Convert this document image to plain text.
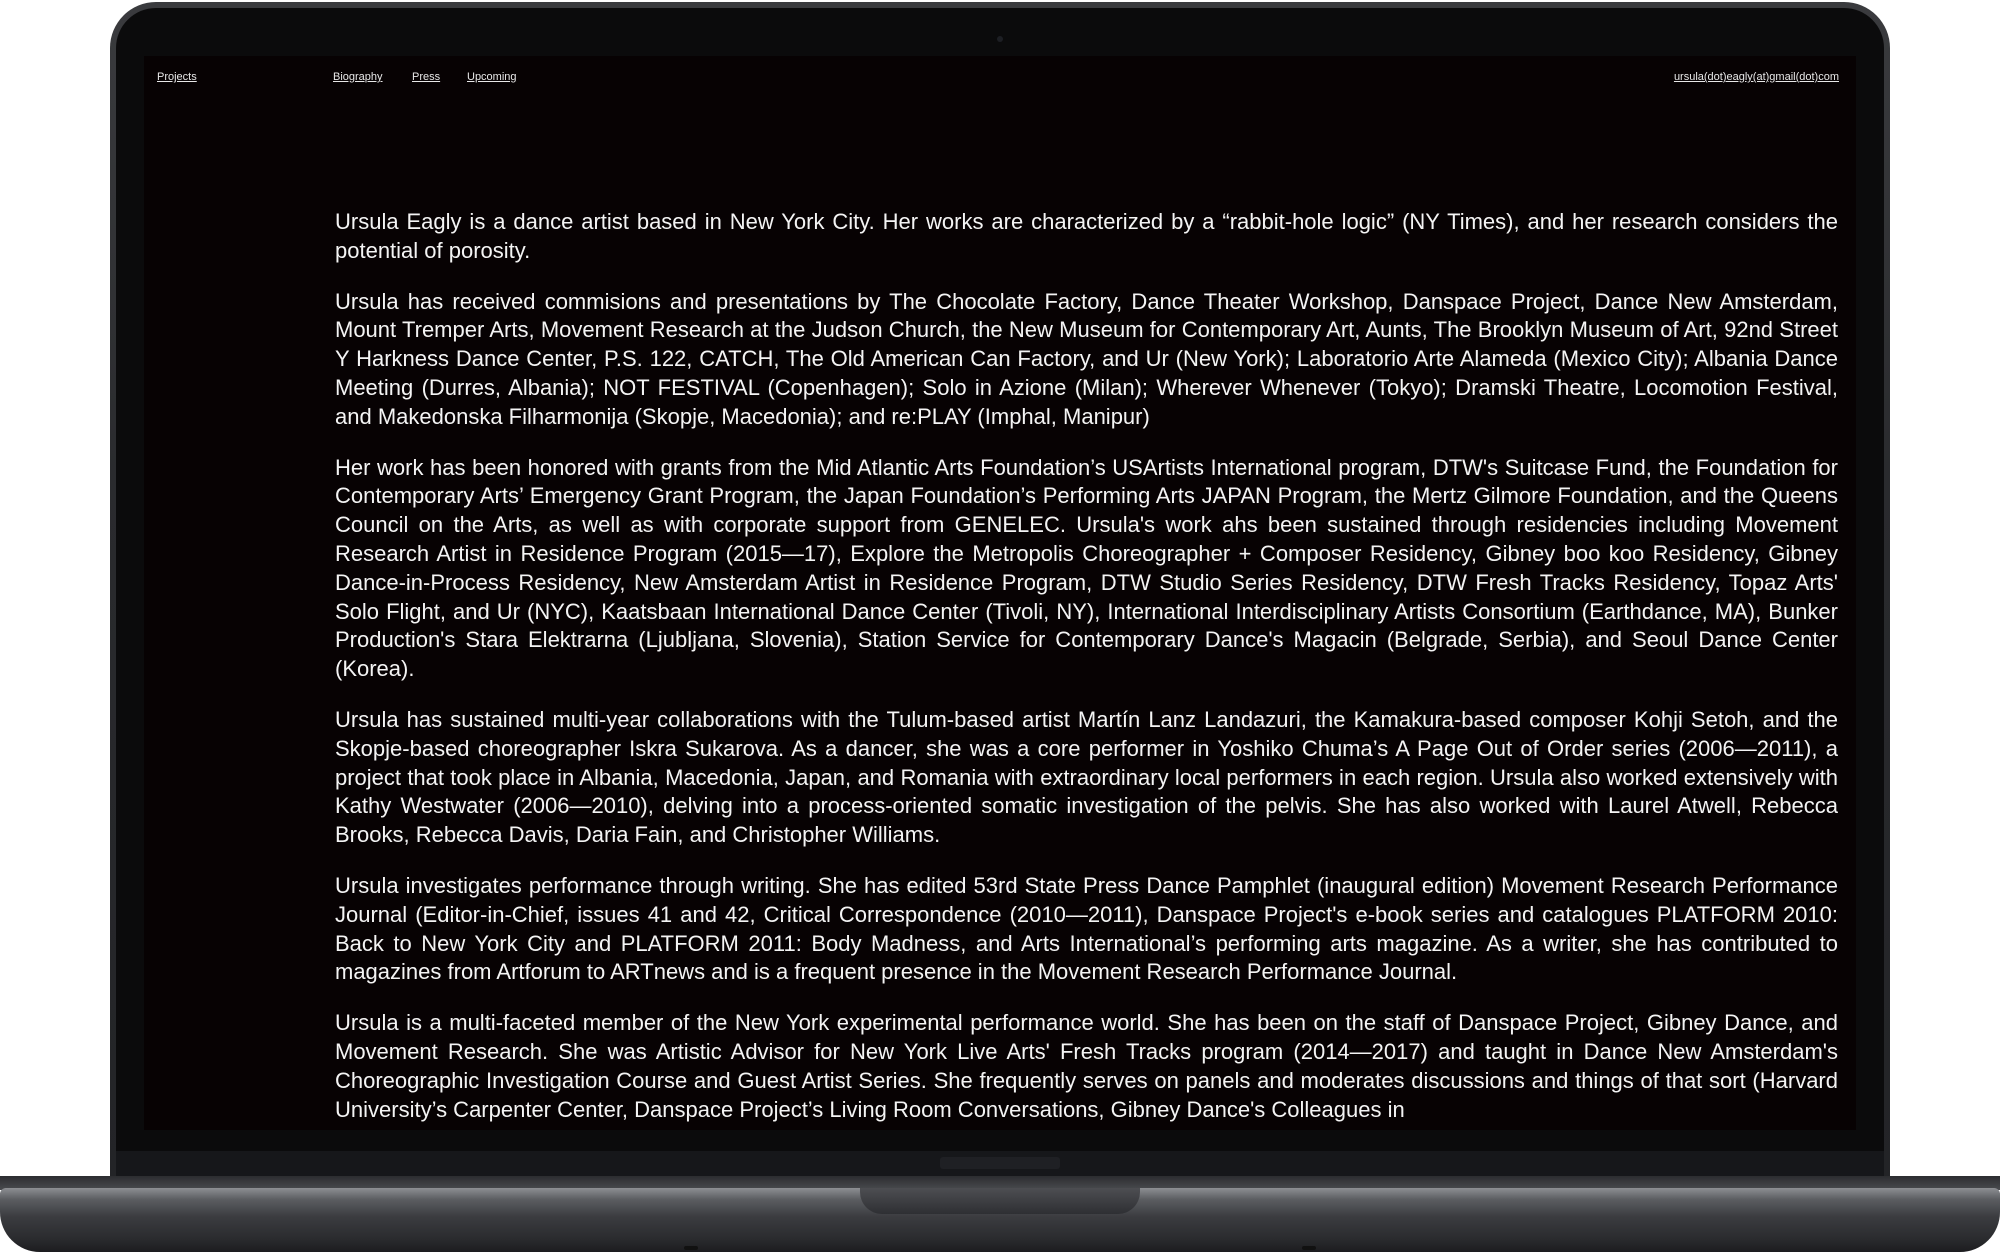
Projects	Biography	Press Upcoming	ursula(dot)eagly(at)gmail(dot)com

Ursula Eagly is a dance artist based in New York City. Her works are characterized by a “rabbit-hole logic” (NY Times), and her research considers the potential of porosity.

Ursula has received commisions and presentations by The Chocolate Factory, Dance Theater Workshop, Danspace Project, Dance New Amsterdam, Mount Tremper Arts, Movement Research at the Judson Church, the New Museum for Contemporary Art, Aunts, The Brooklyn Museum of Art, 92nd Street Y Harkness Dance Center, P.S. 122, CATCH, The Old American Can Factory, and Ur (New York); Laboratorio Arte Alameda (Mexico City); Albania Dance Meeting (Durres, Albania); NOT FESTIVAL (Copenhagen); Solo in Azione (Milan); Wherever Whenever (Tokyo); Dramski Theatre, Locomotion Festival, and Makedonska Filharmonija (Skopje, Macedonia); and re:PLAY (Imphal, Manipur)

Her work has been honored with grants from the Mid Atlantic Arts Foundation’s USArtists International program, DTW's Suitcase Fund, the Foundation for Contemporary Arts’ Emergency Grant Program, the Japan Foundation’s Performing Arts JAPAN Program, the Mertz Gilmore Foundation, and the Queens Council on the Arts, as well as with corporate support from GENELEC. Ursula's work ahs been sustained through residencies including Movement Research Artist in Residence Program (2015—17), Explore the Metropolis Choreographer + Composer Residency, Gibney boo koo Residency, Gibney Dance-in-Process Residency, New Amsterdam Artist in Residence Program, DTW Studio Series Residency, DTW Fresh Tracks Residency, Topaz Arts' Solo Flight, and Ur (NYC), Kaatsbaan International Dance Center (Tivoli, NY), International Interdisciplinary Artists Consortium (Earthdance, MA), Bunker Production's Stara Elektrarna (Ljubljana, Slovenia), Station Service for Contemporary Dance's Magacin (Belgrade, Serbia), and Seoul Dance Center (Korea).

Ursula has sustained multi-year collaborations with the Tulum-based artist Martín Lanz Landazuri, the Kamakura-based composer Kohji Setoh, and the Skopje-based choreographer Iskra Sukarova. As a dancer, she was a core performer in Yoshiko Chuma’s A Page Out of Order series (2006—2011), a project that took place in Albania, Macedonia, Japan, and Romania with extraordinary local performers in each region. Ursula also worked extensively with Kathy Westwater (2006—2010), delving into a process-oriented somatic investigation of the pelvis. She has also worked with Laurel Atwell, Rebecca Brooks, Rebecca Davis, Daria Fain, and Christopher Williams.

Ursula investigates performance through writing. She has edited 53rd State Press Dance Pamphlet (inaugural edition) Movement Research Performance Journal (Editor-in-Chief, issues 41 and 42, Critical Correspondence (2010—2011), Danspace Project's e-book series and catalogues PLATFORM 2010: Back to New York City and PLATFORM 2011: Body Madness, and Arts International’s performing arts magazine. As a writer, she has contributed to magazines from Artforum to ARTnews and is a frequent presence in the Movement Research Performance Journal.

Ursula is a multi-faceted member of the New York experimental performance world. She has been on the staff of Danspace Project, Gibney Dance, and Movement Research. She was Artistic Advisor for New York Live Arts' Fresh Tracks program (2014—2017) and taught in Dance New Amsterdam's Choreographic Investigation Course and Guest Artist Series. She frequently serves on panels and moderates discussions and things of that sort (Harvard University’s Carpenter Center, Danspace Project’s Living Room Conversations, Gibney Dance's Colleagues in
